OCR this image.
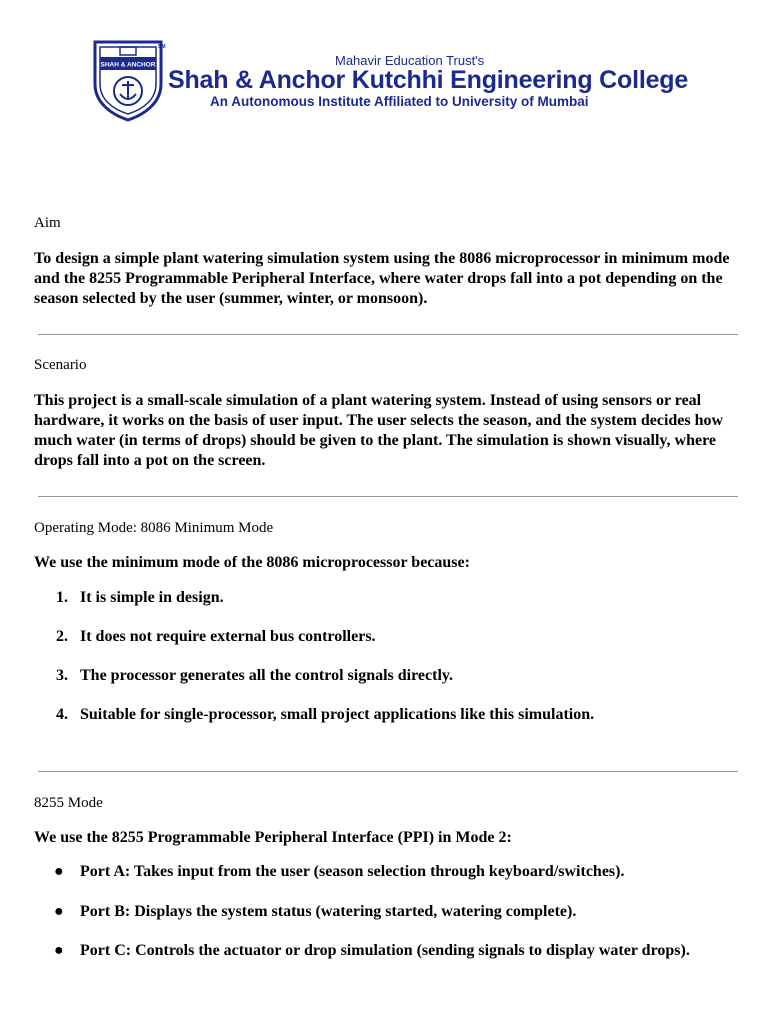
SHAH & ANCHOR
SM
Mahavir Education Trust's
Shah & Anchor Kutchhi Engineering College
An Autonomous Institute Affiliated to University of Mumbai
Aim
To design a simple plant watering simulation system using the 8086 microprocessor in minimum mode and the 8255 Programmable Peripheral Interface, where water drops fall into a pot depending on the season selected by the user (summer, winter, or monsoon).
Scenario
This project is a small-scale simulation of a plant watering system. Instead of using sensors or real hardware, it works on the basis of user input. The user selects the season, and the system decides how much water (in terms of drops) should be given to the plant. The simulation is shown visually, where drops fall into a pot on the screen.
Operating Mode: 8086 Minimum Mode
We use the minimum mode of the 8086 microprocessor because:
1. It is simple in design.
2. It does not require external bus controllers.
3. The processor generates all the control signals directly.
4. Suitable for single-processor, small project applications like this simulation.
8255 Mode
We use the 8255 Programmable Peripheral Interface (PPI) in Mode 2:
● Port A: Takes input from the user (season selection through keyboard/switches).
● Port B: Displays the system status (watering started, watering complete).
● Port C: Controls the actuator or drop simulation (sending signals to display water drops).
